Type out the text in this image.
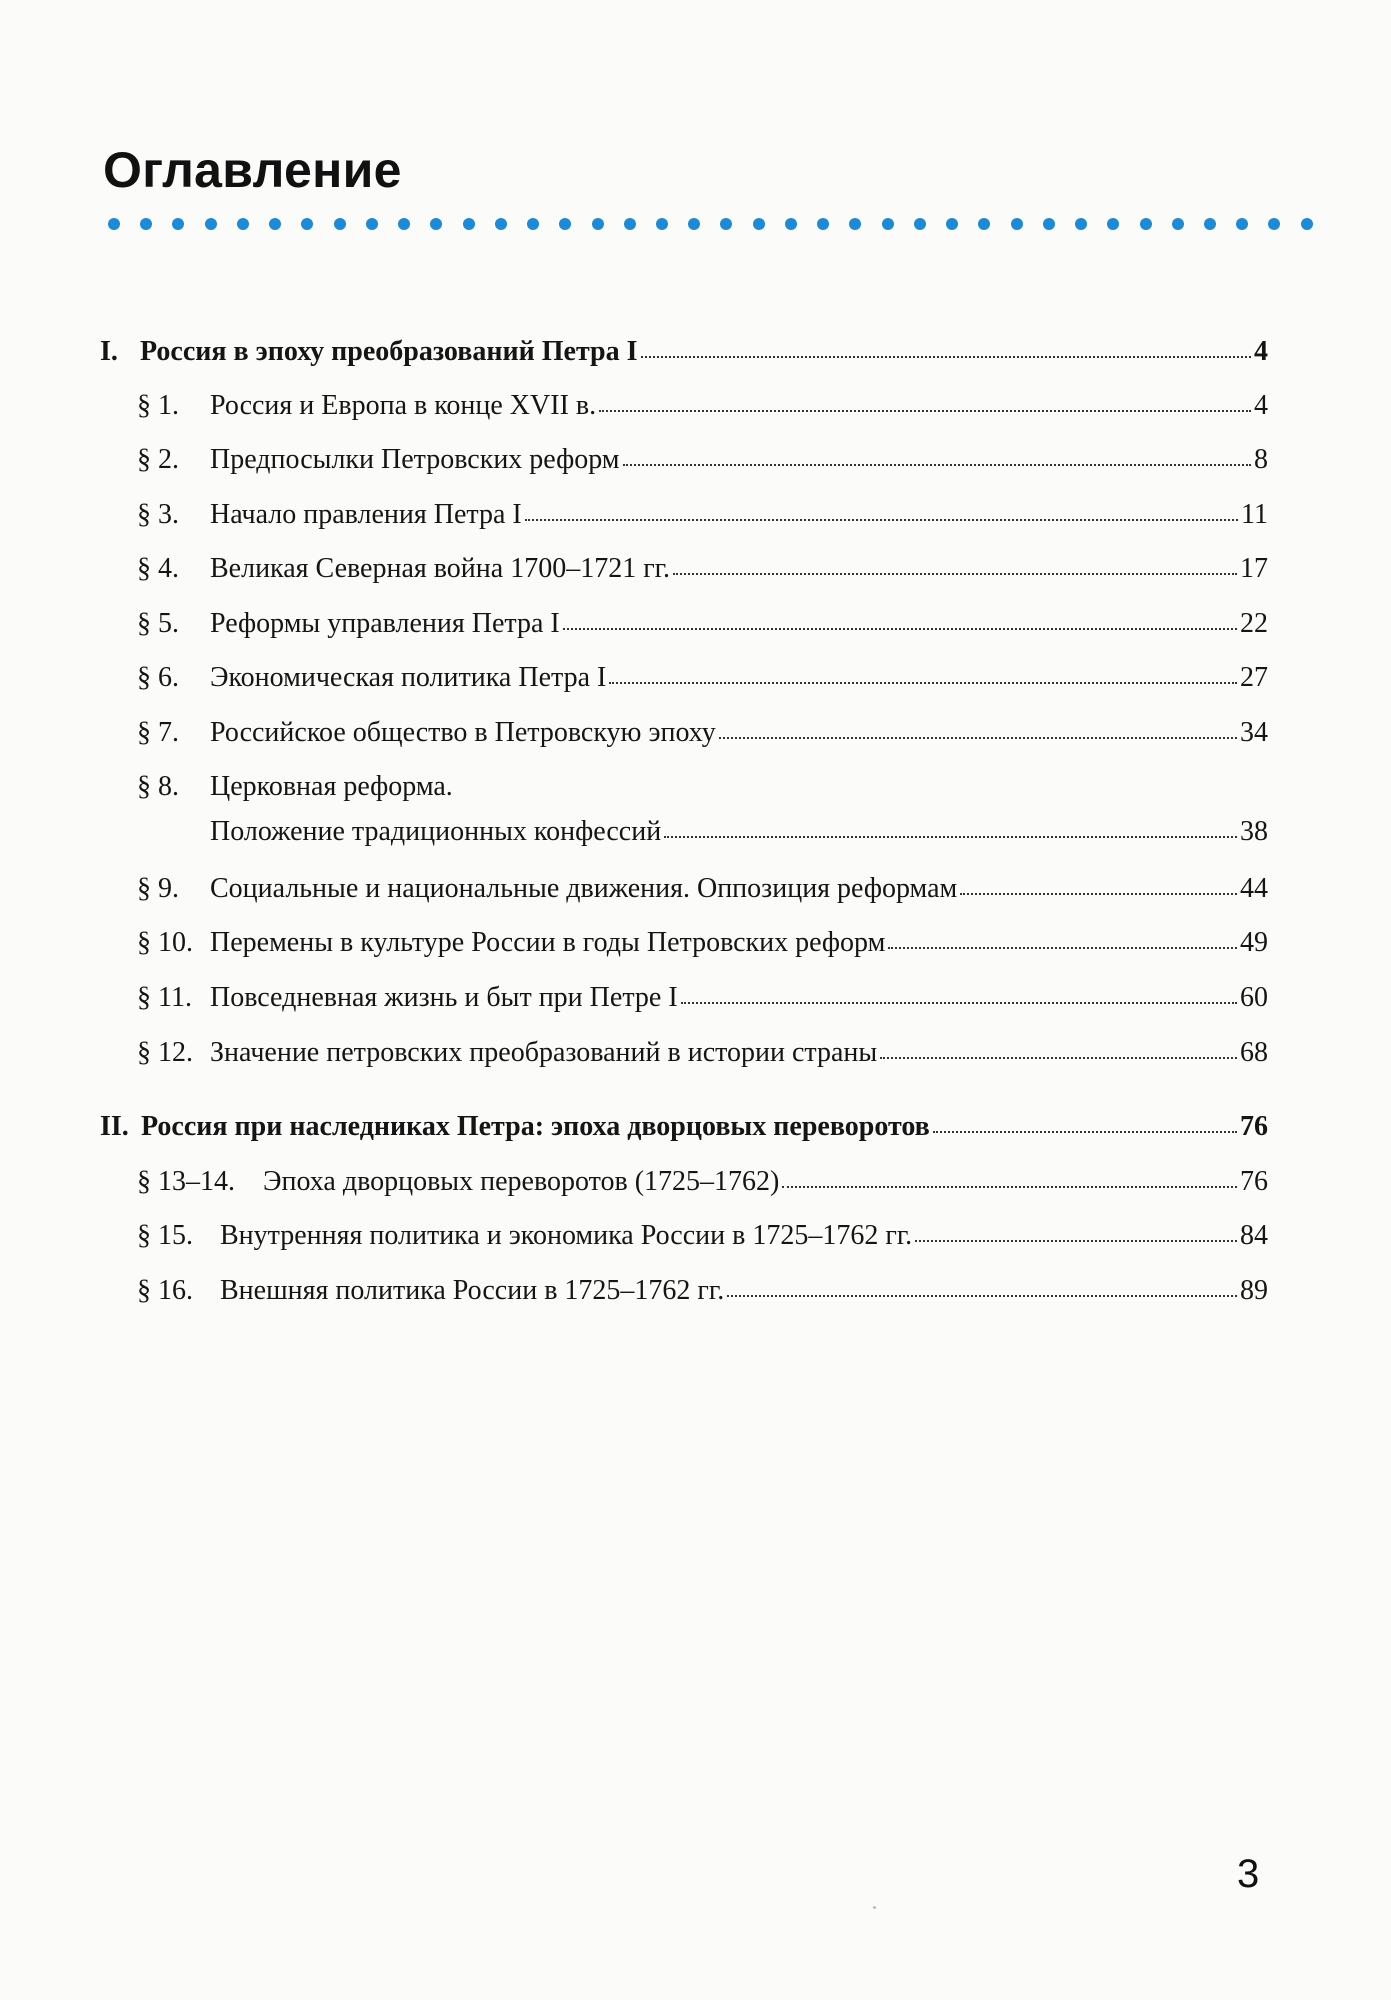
Оглавление
I. Россия в эпоху преобразований Петра I	4
§ 1. Россия и Европа в конце XVII в.	4
§ 2. Предпосылки Петровских реформ	8
§ 3. Начало правления Петра I	11
§ 4. Великая Северная война 1700–1721 гг.	17
§ 5. Реформы управления Петра I	22
§ 6. Экономическая политика Петра I	27
§ 7. Российское общество в Петровскую эпоху	34
§ 8. Церковная реформа.
Положение традиционных конфессий	38
§ 9. Социальные и национальные движения. Оппозиция реформам	44
§ 10. Перемены в культуре России в годы Петровских реформ	49
§ 11. Повседневная жизнь и быт при Петре I	60
§ 12. Значение петровских преобразований в истории страны	68
II. Россия при наследниках Петра: эпоха дворцовых переворотов	76
§ 13–14. Эпоха дворцовых переворотов (1725–1762)	76
§ 15. Внутренняя политика и экономика России в 1725–1762 гг.	84
§ 16. Внешняя политика России в 1725–1762 гг.	89
3
